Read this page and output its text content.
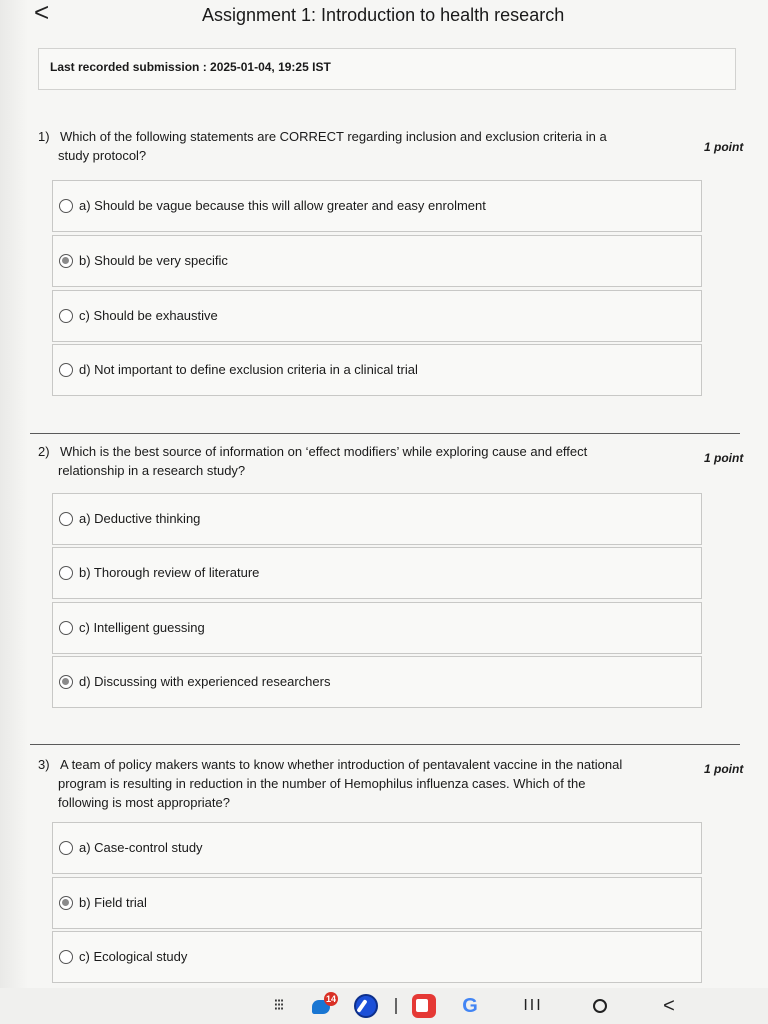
<	Assignment 1: Introduction to health research
Last recorded submission : 2025-01-04, 19:25 IST
1) Which of the following statements are CORRECT regarding inclusion and exclusion criteria in a
study protocol?
1 point
a) Should be vague because this will allow greater and easy enrolment
b) Should be very specific
c) Should be exhaustive
d) Not important to define exclusion criteria in a clinical trial
2) Which is the best source of information on ‘effect modifiers’ while exploring cause and effect
relationship in a research study?
1 point
a) Deductive thinking
b) Thorough review of literature
c) Intelligent guessing
d) Discussing with experienced researchers
3) A team of policy makers wants to know whether introduction of pentavalent vaccine in the national
program is resulting in reduction in the number of Hemophilus influenza cases. Which of the
following is most appropriate?
1 point
a) Case-control study
b) Field trial
c) Ecological study
⁝⁝⁝	14	G	III	<
